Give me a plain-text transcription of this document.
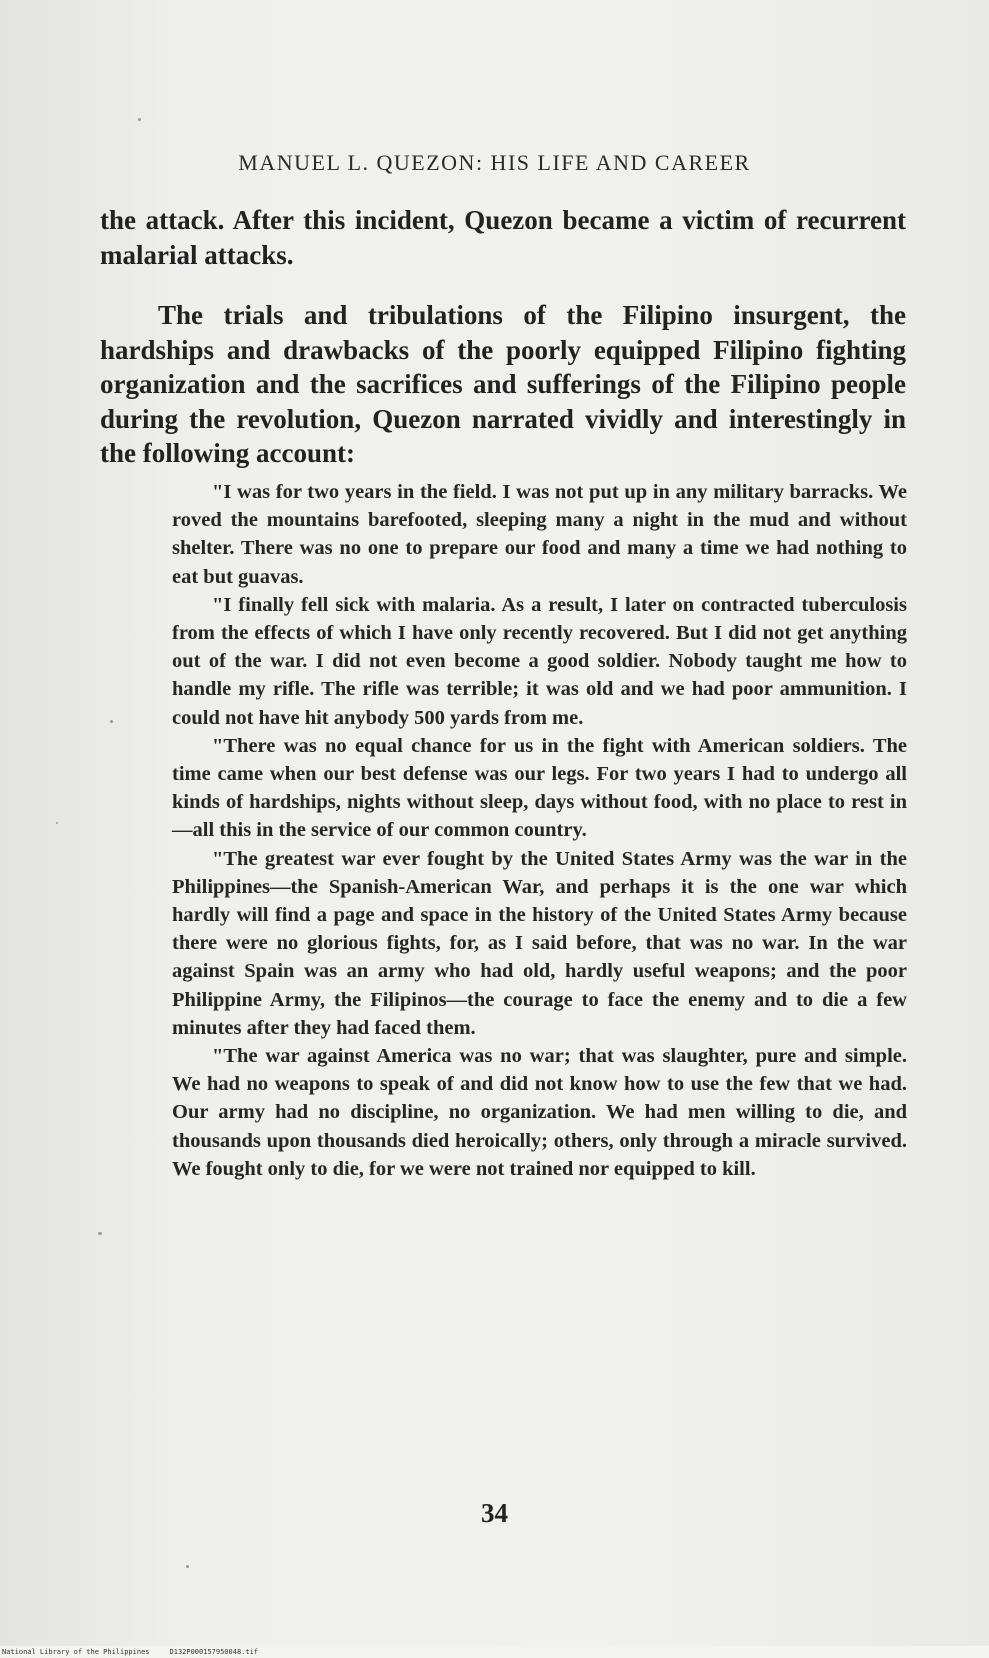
MANUEL L. QUEZON: HIS LIFE AND CAREER

the attack. After this incident, Quezon became a victim of recurrent malarial attacks.

The trials and tribulations of the Filipino insurgent, the hardships and drawbacks of the poorly equipped Filipino fighting organization and the sacrifices and sufferings of the Filipino people during the revolution, Quezon narrated vividly and interestingly in the following account:

"I was for two years in the field. I was not put up in any military barracks. We roved the mountains barefooted, sleeping many a night in the mud and without shelter. There was no one to prepare our food and many a time we had nothing to eat but guavas.

"I finally fell sick with malaria. As a result, I later on contracted tuberculosis from the effects of which I have only recently recovered. But I did not get anything out of the war. I did not even become a good soldier. Nobody taught me how to handle my rifle. The rifle was terrible; it was old and we had poor ammunition. I could not have hit anybody 500 yards from me.

"There was no equal chance for us in the fight with American soldiers. The time came when our best defense was our legs. For two years I had to undergo all kinds of hardships, nights without sleep, days without food, with no place to rest in—all this in the service of our common country.

"The greatest war ever fought by the United States Army was the war in the Philippines—the Spanish-American War, and perhaps it is the one war which hardly will find a page and space in the history of the United States Army because there were no glorious fights, for, as I said before, that was no war. In the war against Spain was an army who had old, hardly useful weapons; and the poor Philippine Army, the Filipinos—the courage to face the enemy and to die a few minutes after they had faced them.

"The war against America was no war; that was slaughter, pure and simple. We had no weapons to speak of and did not know how to use the few that we had. Our army had no discipline, no organization. We had men willing to die, and thousands upon thousands died heroically; others, only through a miracle survived. We fought only to die, for we were not trained nor equipped to kill.

34
National Library of the Philippines	D132P000157950048.tif
